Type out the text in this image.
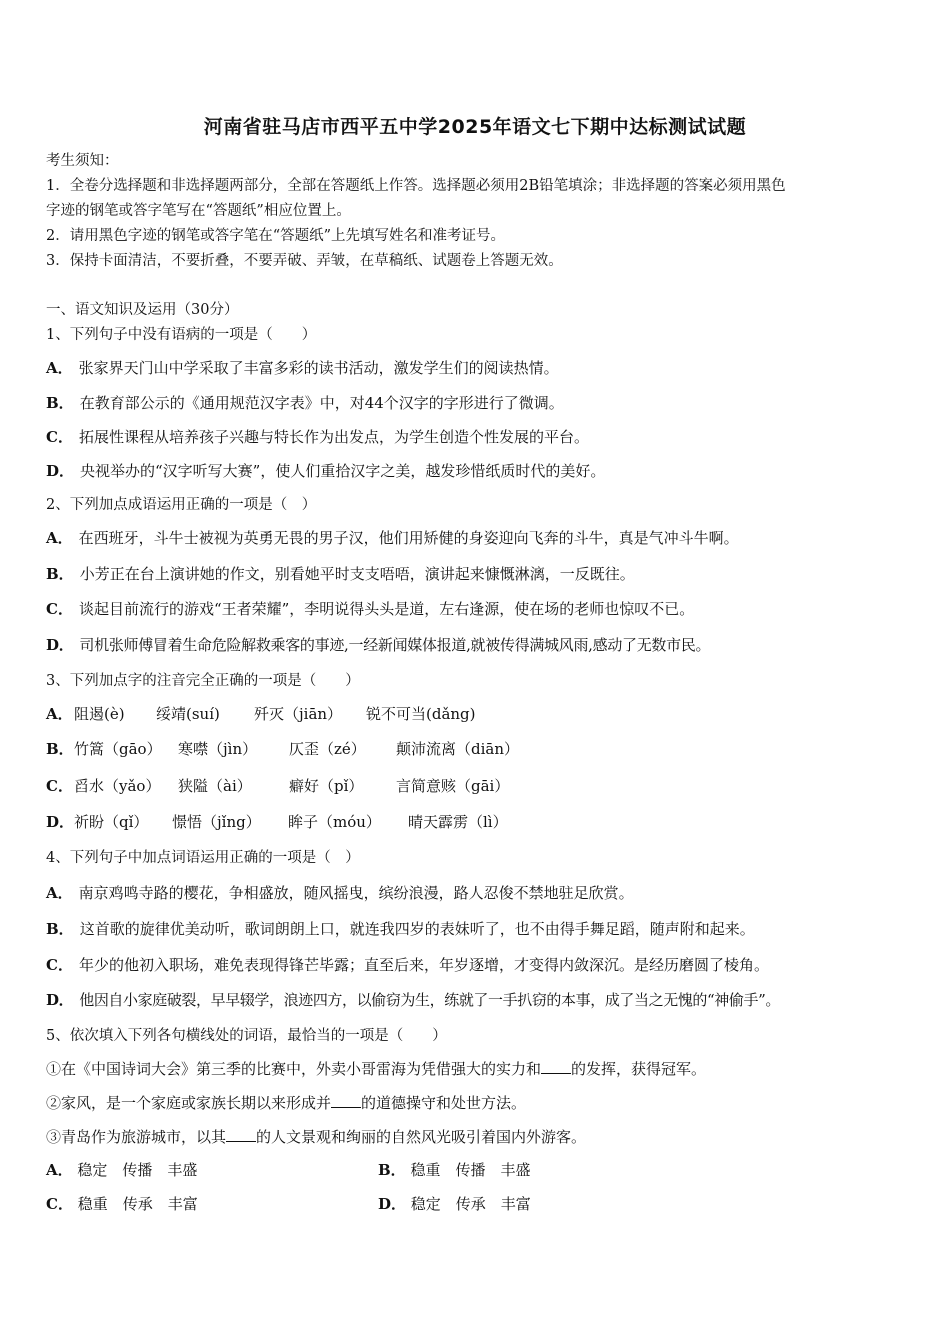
河南省驻马店市西平五中学2025年语文七下期中达标测试试题
考生须知：
1．全卷分选择题和非选择题两部分，全部在答题纸上作答。选择题必须用2B铅笔填涂；非选择题的答案必须用黑色
字迹的钢笔或答字笔写在“答题纸”相应位置上。
2．请用黑色字迹的钢笔或答字笔在“答题纸”上先填写姓名和准考证号。
3．保持卡面清洁，不要折叠，不要弄破、弄皱，在草稿纸、试题卷上答题无效。
一、语文知识及运用（30分）
1、下列句子中没有语病的一项是（　　）
A． 张家界天门山中学采取了丰富多彩的读书活动，激发学生们的阅读热情。
B． 在教育部公示的《通用规范汉字表》中，对44个汉字的字形进行了微调。
C． 拓展性课程从培养孩子兴趣与特长作为出发点，为学生创造个性发展的平台。
D． 央视举办的“汉字听写大赛”，使人们重拾汉字之美，越发珍惜纸质时代的美好。
2、下列加点成语运用正确的一项是（　）
A． 在西班牙，斗牛士被视为英勇无畏的男子汉，他们用矫健的身姿迎向飞奔的斗牛，真是气冲斗牛啊。
B． 小芳正在台上演讲她的作文，别看她平时支支唔唔，演讲起来慷慨淋漓，一反既往。
C． 谈起目前流行的游戏“王者荣耀”，李明说得头头是道，左右逢源，使在场的老师也惊叹不已。
D． 司机张师傅冒着生命危险解救乘客的事迹,一经新闻媒体报道,就被传得满城风雨,感动了无数市民。
3、下列加点字的注音完全正确的一项是（　　）
A． 阻遏(è) 绥靖(suí) 歼灭（jiān） 锐不可当(dǎng)
B． 竹篙（gāo） 寒噤（jìn） 仄歪（zé） 颠沛流离（diān）
C． 舀水（yǎo） 狭隘（ài） 癖好（pǐ） 言简意赅（gāi）
D． 祈盼（qǐ） 憬悟（jǐng） 眸子（móu） 晴天霹雳（lì）
4、下列句子中加点词语运用正确的一项是（　）
A． 南京鸡鸣寺路的樱花，争相盛放，随风摇曳，缤纷浪漫，路人忍俊不禁地驻足欣赏。
B． 这首歌的旋律优美动听，歌词朗朗上口，就连我四岁的表妹听了，也不由得手舞足蹈，随声附和起来。
C． 年少的他初入职场，难免表现得锋芒毕露；直至后来，年岁逐增，才变得内敛深沉。是经历磨圆了棱角。
D． 他因自小家庭破裂，早早辍学，浪迹四方，以偷窃为生，练就了一手扒窃的本事，成了当之无愧的“神偷手”。
5、依次填入下列各句横线处的词语，最恰当的一项是（　　）
①在《中国诗词大会》第三季的比赛中，外卖小哥雷海为凭借强大的实力和 的发挥，获得冠军。
②家风，是一个家庭或家族长期以来形成并 的道德操守和处世方法。
③青岛作为旅游城市，以其 的人文景观和绚丽的自然风光吸引着国内外游客。
A． 稳定　传播　丰盛	B． 稳重　传播　丰盛
C． 稳重　传承　丰富	D． 稳定　传承　丰富
